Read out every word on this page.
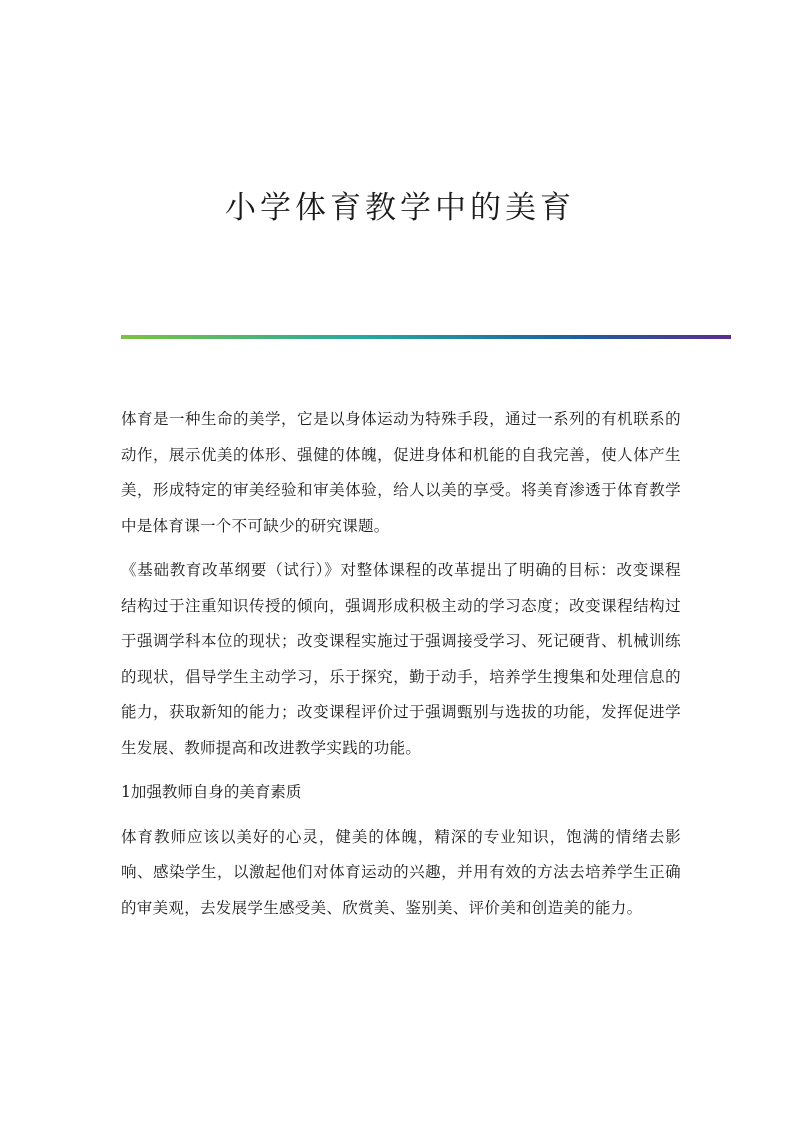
小学体育教学中的美育

体育是一种生命的美学，它是以身体运动为特殊手段，通过一系列的有机联系的动作，展示优美的体形、强健的体魄，促进身体和机能的自我完善，使人体产生美，形成特定的审美经验和审美体验，给人以美的享受。将美育渗透于体育教学中是体育课一个不可缺少的研究课题。

《基础教育改革纲要（试行）》对整体课程的改革提出了明确的目标：改变课程结构过于注重知识传授的倾向，强调形成积极主动的学习态度；改变课程结构过于强调学科本位的现状；改变课程实施过于强调接受学习、死记硬背、机械训练的现状，倡导学生主动学习，乐于探究，勤于动手，培养学生搜集和处理信息的能力，获取新知的能力；改变课程评价过于强调甄别与选拔的功能，发挥促进学生发展、教师提高和改进教学实践的功能。

1加强教师自身的美育素质

体育教师应该以美好的心灵，健美的体魄，精深的专业知识，饱满的情绪去影响、感染学生，以激起他们对体育运动的兴趣，并用有效的方法去培养学生正确的审美观，去发展学生感受美、欣赏美、鉴别美、评价美和创造美的能力。
